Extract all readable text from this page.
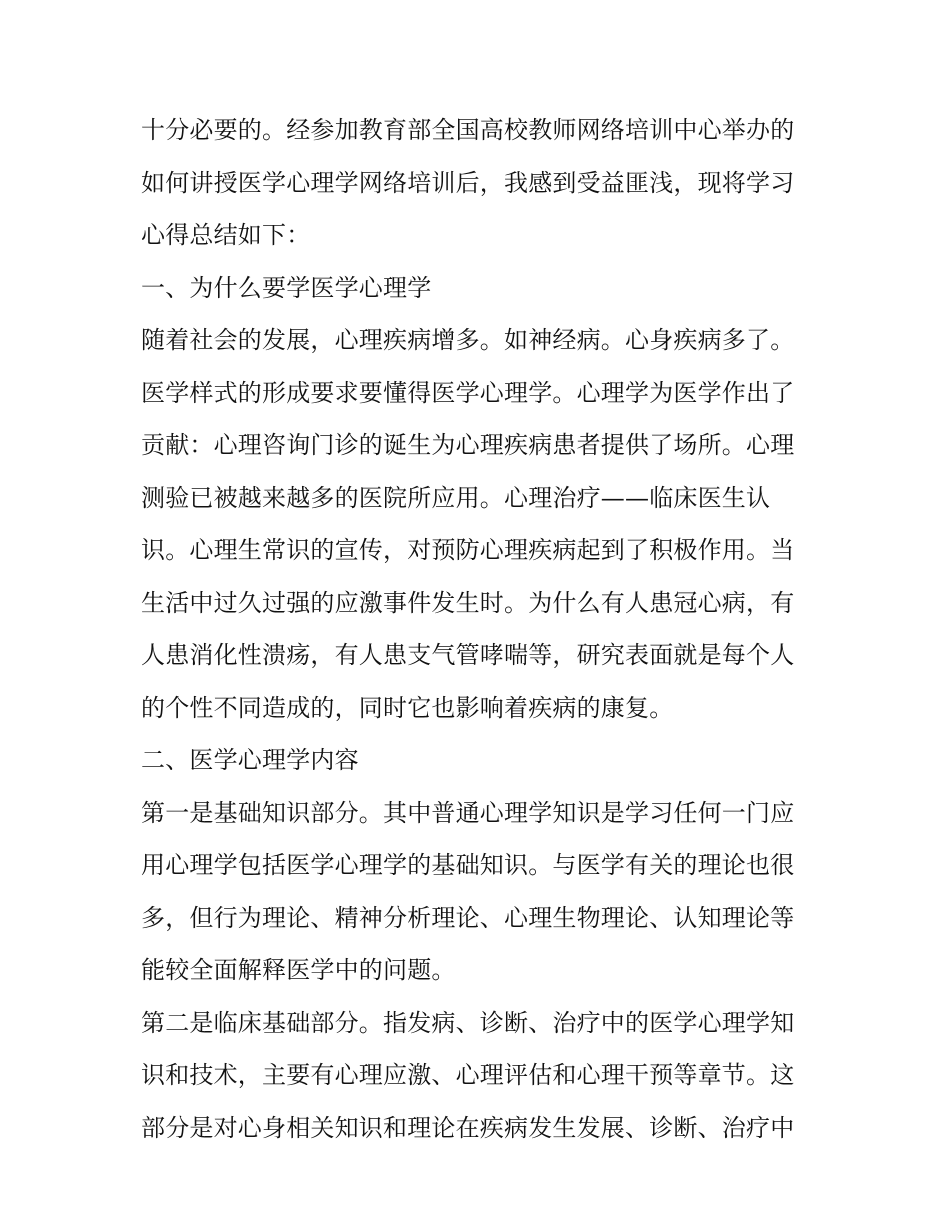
十分必要的。经参加教育部全国高校教师网络培训中心举办的
如何讲授医学心理学网络培训后，我感到受益匪浅，现将学习
心得总结如下：
一、为什么要学医学心理学
随着社会的发展，心理疾病增多。如神经病。心身疾病多了。
医学样式的形成要求要懂得医学心理学。心理学为医学作出了
贡献：心理咨询门诊的诞生为心理疾病患者提供了场所。心理
测验已被越来越多的医院所应用。心理治疗——临床医生认
识。心理生常识的宣传，对预防心理疾病起到了积极作用。当
生活中过久过强的应激事件发生时。为什么有人患冠心病，有
人患消化性溃疡，有人患支气管哮喘等，研究表面就是每个人
的个性不同造成的，同时它也影响着疾病的康复。
二、医学心理学内容
第一是基础知识部分。其中普通心理学知识是学习任何一门应
用心理学包括医学心理学的基础知识。与医学有关的理论也很
多，但行为理论、精神分析理论、心理生物理论、认知理论等
能较全面解释医学中的问题。
第二是临床基础部分。指发病、诊断、治疗中的医学心理学知
识和技术，主要有心理应激、心理评估和心理干预等章节。这
部分是对心身相关知识和理论在疾病发生发展、诊断、治疗中
